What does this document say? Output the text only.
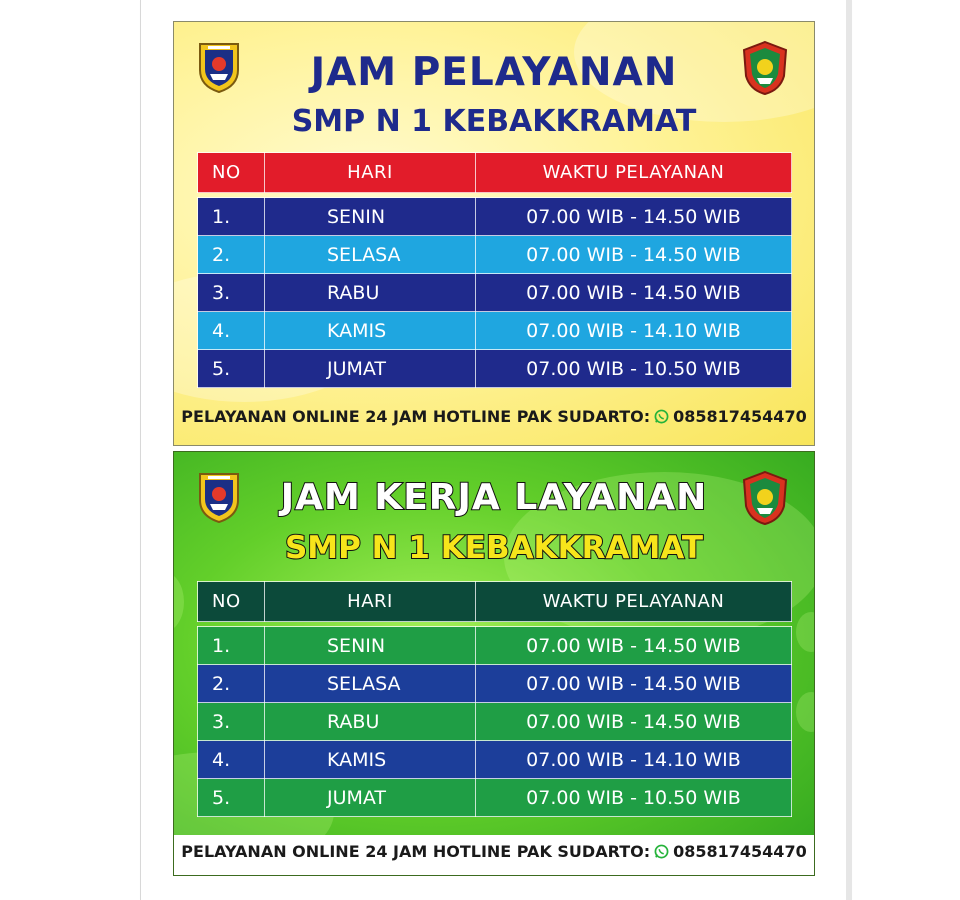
JAM PELAYANAN
SMP N 1 KEBAKKRAMAT
NO	HARI	WAKTU PELAYANAN

1.	SENIN	07.00 WIB - 14.50 WIB
2.	SELASA	07.00 WIB - 14.50 WIB
3.	RABU	07.00 WIB - 14.50 WIB
4.	KAMIS	07.00 WIB - 14.10 WIB
5.	JUMAT	07.00 WIB - 10.50 WIB
PELAYANAN ONLINE 24 JAM HOTLINE PAK SUDARTO: 085817454470
JAM KERJA LAYANAN
SMP N 1 KEBAKKRAMAT
NO	HARI	WAKTU PELAYANAN

1.	SENIN	07.00 WIB - 14.50 WIB
2.	SELASA	07.00 WIB - 14.50 WIB
3.	RABU	07.00 WIB - 14.50 WIB
4.	KAMIS	07.00 WIB - 14.10 WIB
5.	JUMAT	07.00 WIB - 10.50 WIB
PELAYANAN ONLINE 24 JAM HOTLINE PAK SUDARTO: 085817454470
